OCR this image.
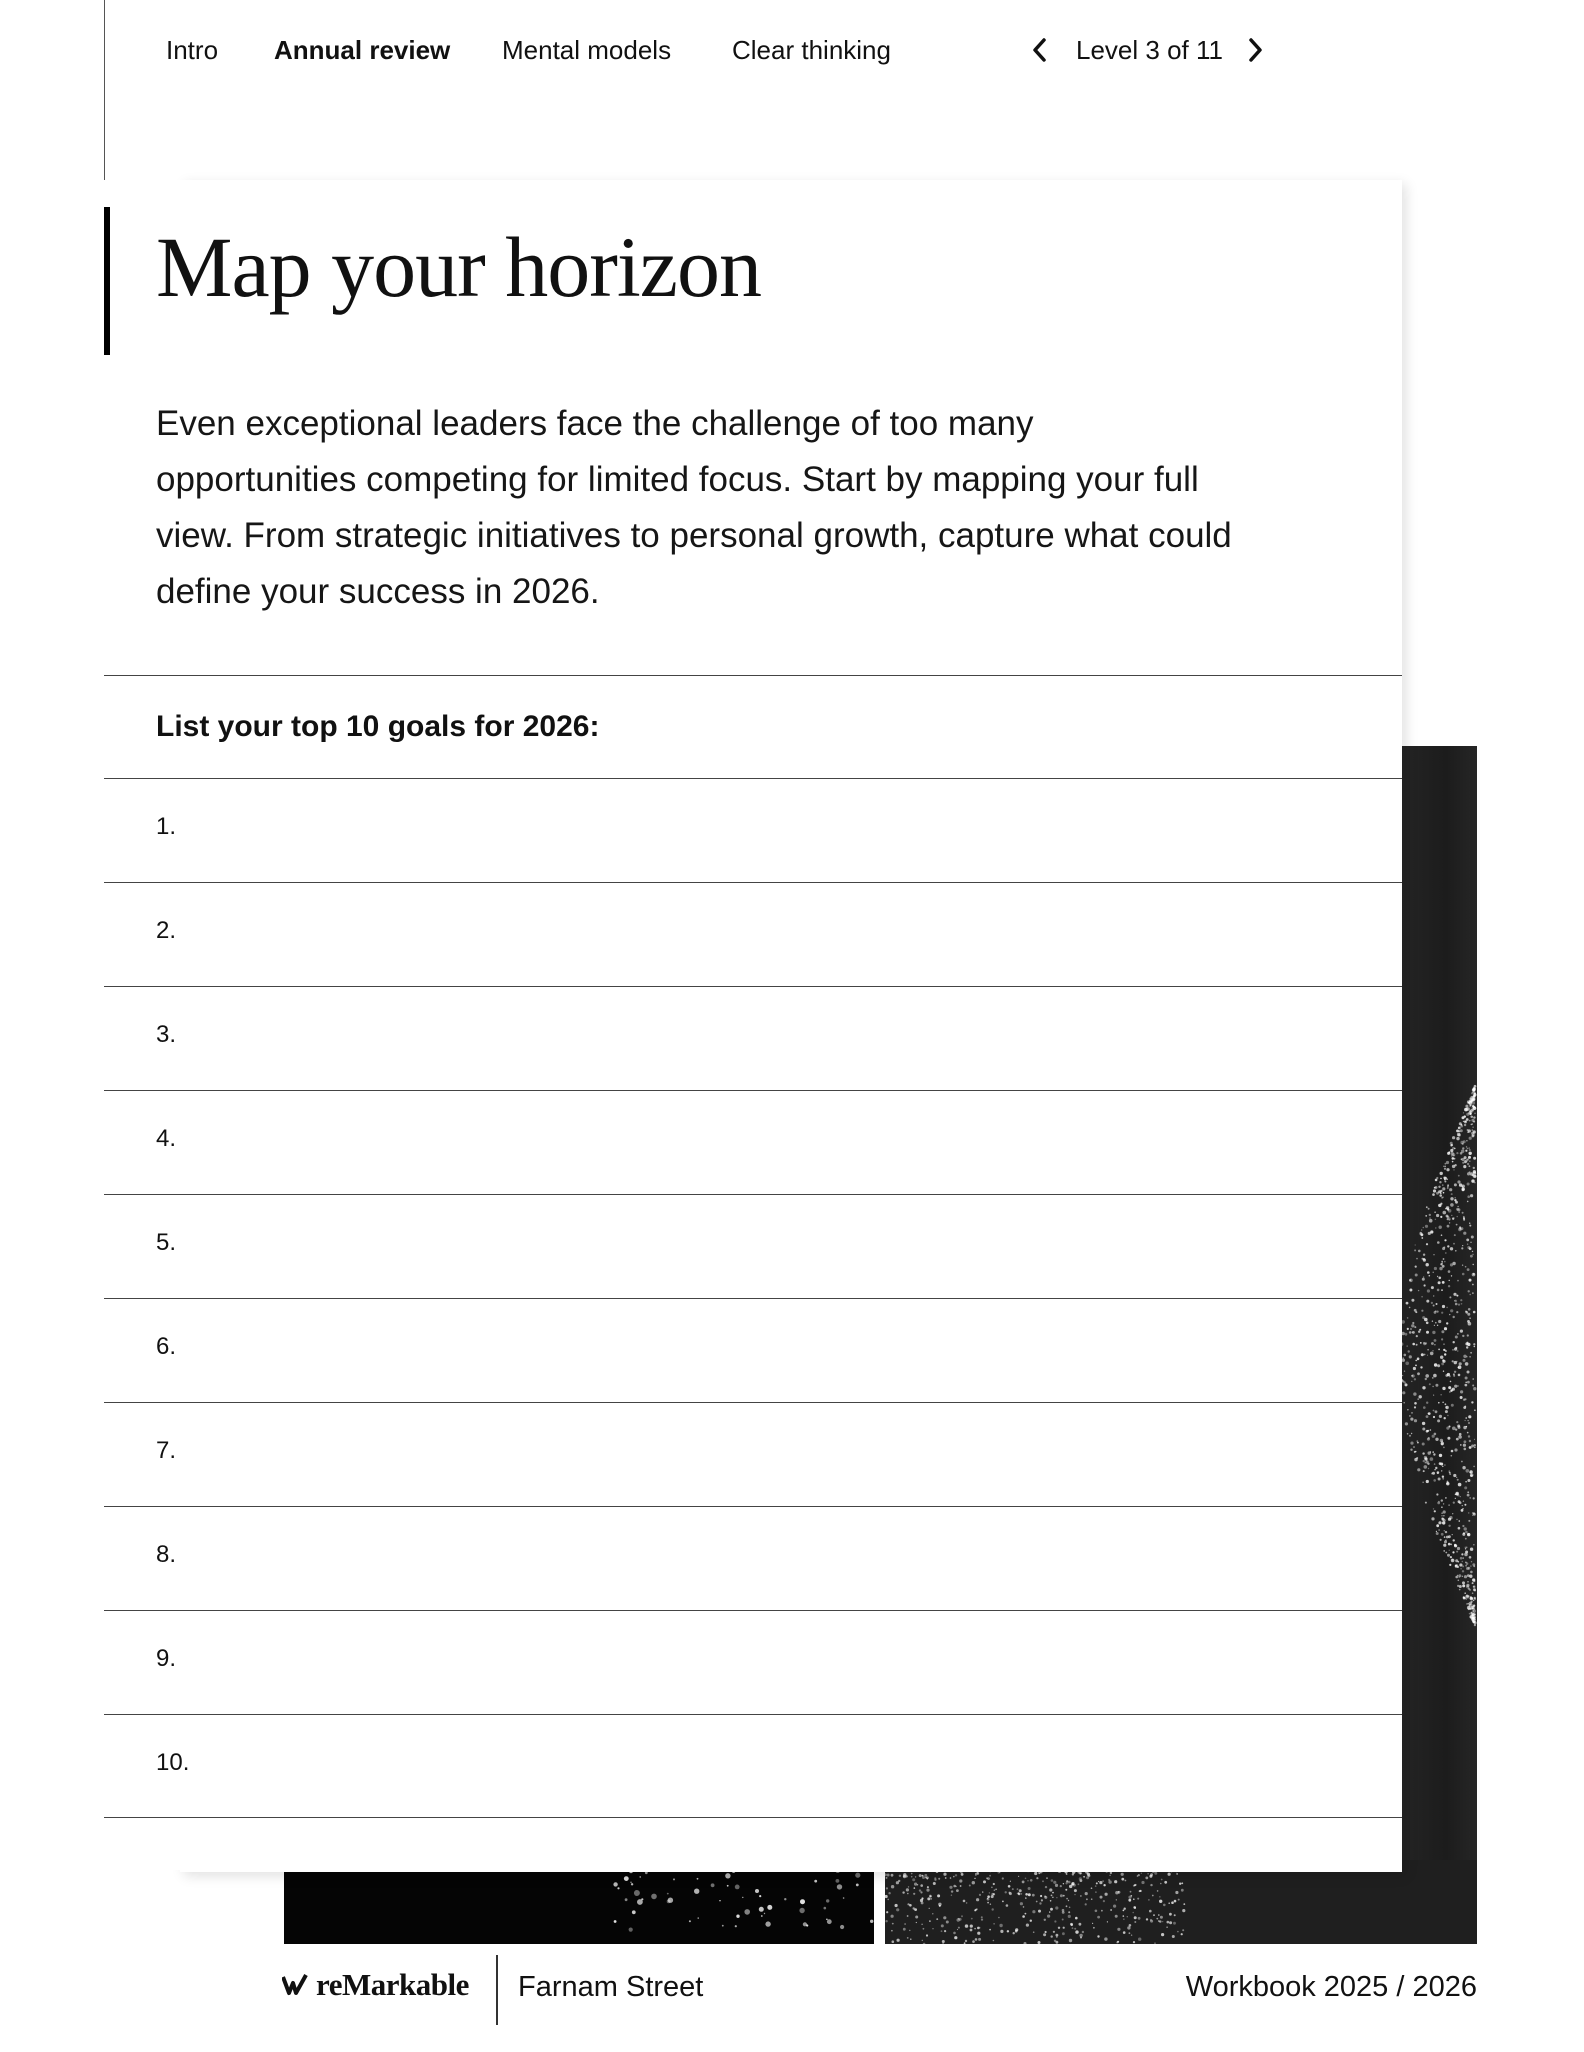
Intro Annual review Mental models Clear thinking	Level 3 of 11
Map your horizon

Even exceptional leaders face the challenge of too many opportunities competing for limited focus. Start by mapping your full view. From strategic initiatives to personal growth, capture what could define your success in 2026.

List your top 10 goals for 2026:
1.
2.
3.
4.
5.
6.
7.
8.
9.
10.
reMarkable Farnam Street	Workbook 2025 / 2026
